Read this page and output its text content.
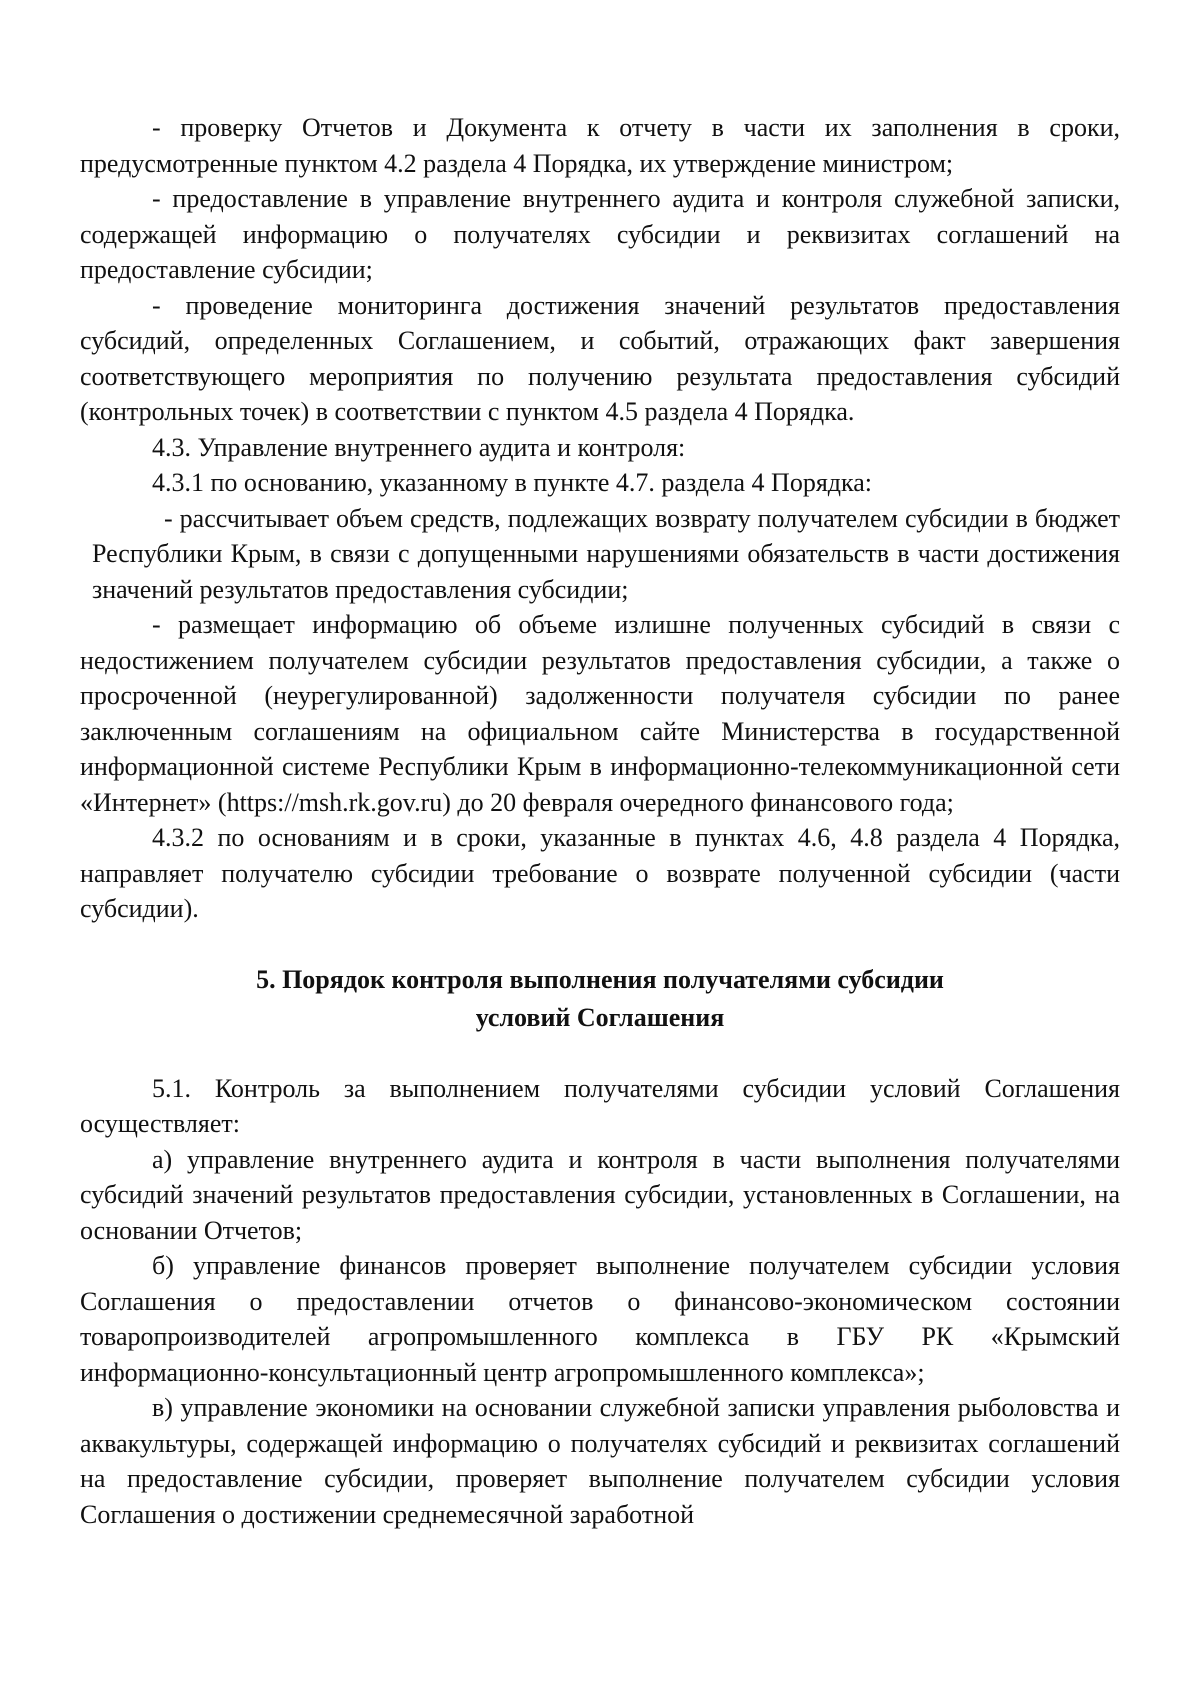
- проверку Отчетов и Документа к отчету в части их заполнения в сроки, предусмотренные пунктом 4.2 раздела 4 Порядка, их утверждение министром;

- предоставление в управление внутреннего аудита и контроля служебной записки, содержащей информацию о получателях субсидии и реквизитах соглашений на предоставление субсидии;

- проведение мониторинга достижения значений результатов предоставления субсидий, определенных Соглашением, и событий, отражающих факт завершения соответствующего мероприятия по получению результата предоставления субсидий (контрольных точек) в соответствии с пунктом 4.5 раздела 4 Порядка.

4.3. Управление внутреннего аудита и контроля:

4.3.1 по основанию, указанному в пункте 4.7. раздела 4 Порядка:

- рассчитывает объем средств, подлежащих возврату получателем субсидии в бюджет Республики Крым, в связи с допущенными нарушениями обязательств в части достижения значений результатов предоставления субсидии;

- размещает информацию об объеме излишне полученных субсидий в связи с недостижением получателем субсидии результатов предоставления субсидии, а также о просроченной (неурегулированной) задолженности получателя субсидии по ранее заключенным соглашениям на официальном сайте Министерства в государственной информационной системе Республики Крым в информационно-телекоммуникационной сети «Интернет» (https://msh.rk.gov.ru) до 20 февраля очередного финансового года;

4.3.2 по основаниям и в сроки, указанные в пунктах 4.6, 4.8 раздела 4 Порядка, направляет получателю субсидии требование о возврате полученной субсидии (части субсидии).

5. Порядок контроля выполнения получателями субсидии
условий Соглашения

5.1. Контроль за выполнением получателями субсидии условий Соглашения осуществляет:

а) управление внутреннего аудита и контроля в части выполнения получателями субсидий значений результатов предоставления субсидии, установленных в Соглашении, на основании Отчетов;

б) управление финансов проверяет выполнение получателем субсидии условия Соглашения о предоставлении отчетов о финансово-экономическом состоянии товаропроизводителей агропромышленного комплекса в ГБУ РК «Крымский информационно-консультационный центр агропромышленного комплекса»;

в) управление экономики на основании служебной записки управления рыболовства и аквакультуры, содержащей информацию о получателях субсидий и реквизитах соглашений на предоставление субсидии, проверяет выполнение получателем субсидии условия Соглашения о достижении среднемесячной заработной
